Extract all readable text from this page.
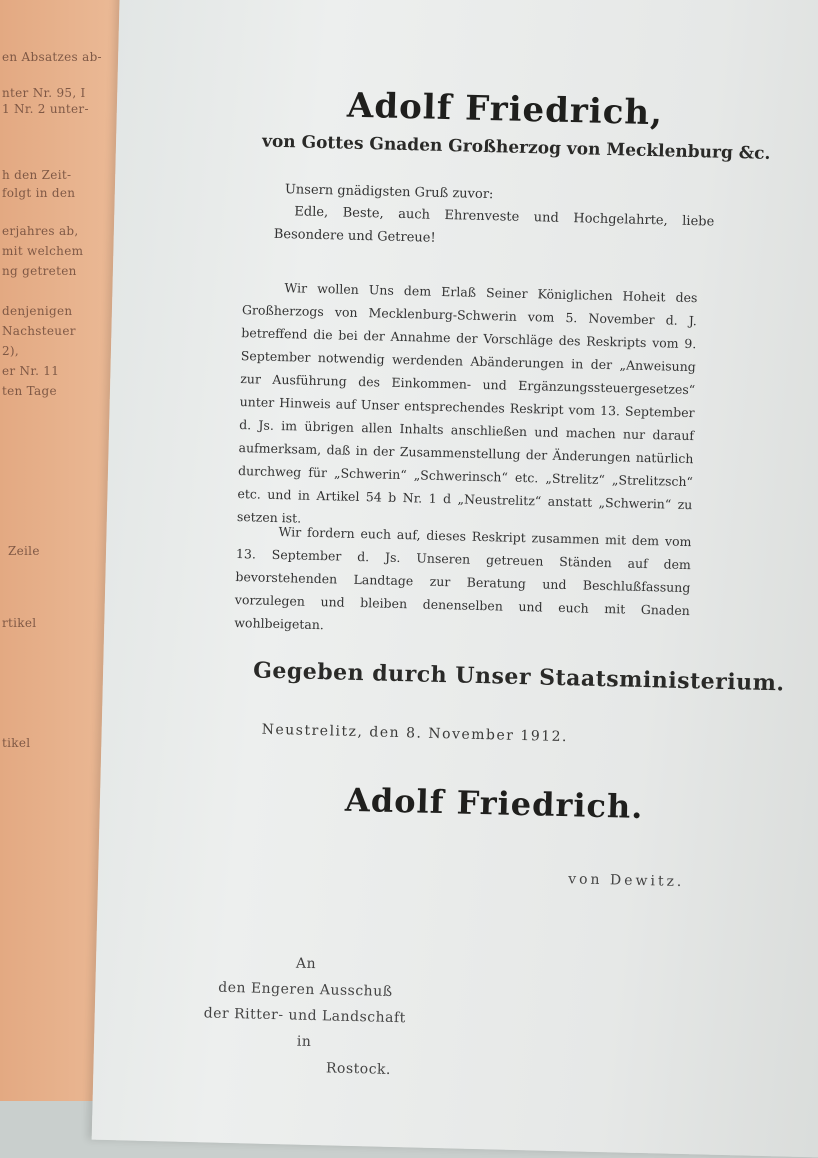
en Absatzes ab-
nter Nr. 95, I
1 Nr. 2 unter-
h den Zeit-
folgt in den
erjahres ab,
mit welchem
ng getreten
denjenigen
Nachsteuer
2),
er Nr. 11
ten Tage
Zeile
rtikel
tikel
Adolf Friedrich,
von Gottes Gnaden Großherzog von Mecklenburg &c.
Unsern gnädigsten Gruß zuvor:
Edle, Beste, auch Ehrenveste und Hochgelahrte, liebe Besondere und Getreue!
Wir wollen Uns dem Erlaß Seiner Königlichen Hoheit des Großherzogs von Mecklenburg-Schwerin vom 5. November d. J. betreffend die bei der Annahme der Vorschläge des Reskripts vom 9. September notwendig werdenden Abänderungen in der „Anweisung zur Ausführung des Einkommen- und Ergänzungssteuergesetzes“ unter Hinweis auf Unser entsprechendes Reskript vom 13. September d. Js. im übrigen allen Inhalts anschließen und machen nur darauf aufmerksam, daß in der Zusammenstellung der Änderungen natürlich durchweg für „Schwerin“ „Schwerinsch“ etc. „Strelitz“ „Strelitzsch“ etc. und in Artikel 54 b Nr. 1 d „Neustrelitz“ anstatt „Schwerin“ zu setzen ist.
Wir fordern euch auf, dieses Reskript zusammen mit dem vom 13. September d. Js. Unseren getreuen Ständen auf dem bevorstehenden Landtage zur Beratung und Beschlußfassung vorzulegen und bleiben denenselben und euch mit Gnaden wohlbeigetan.
Gegeben durch Unser Staatsministerium.
Neustrelitz, den 8. November 1912.
Adolf Friedrich.
von Dewitz.
An
den Engeren Ausschuß
der Ritter- und Landschaft
in
Rostock.
